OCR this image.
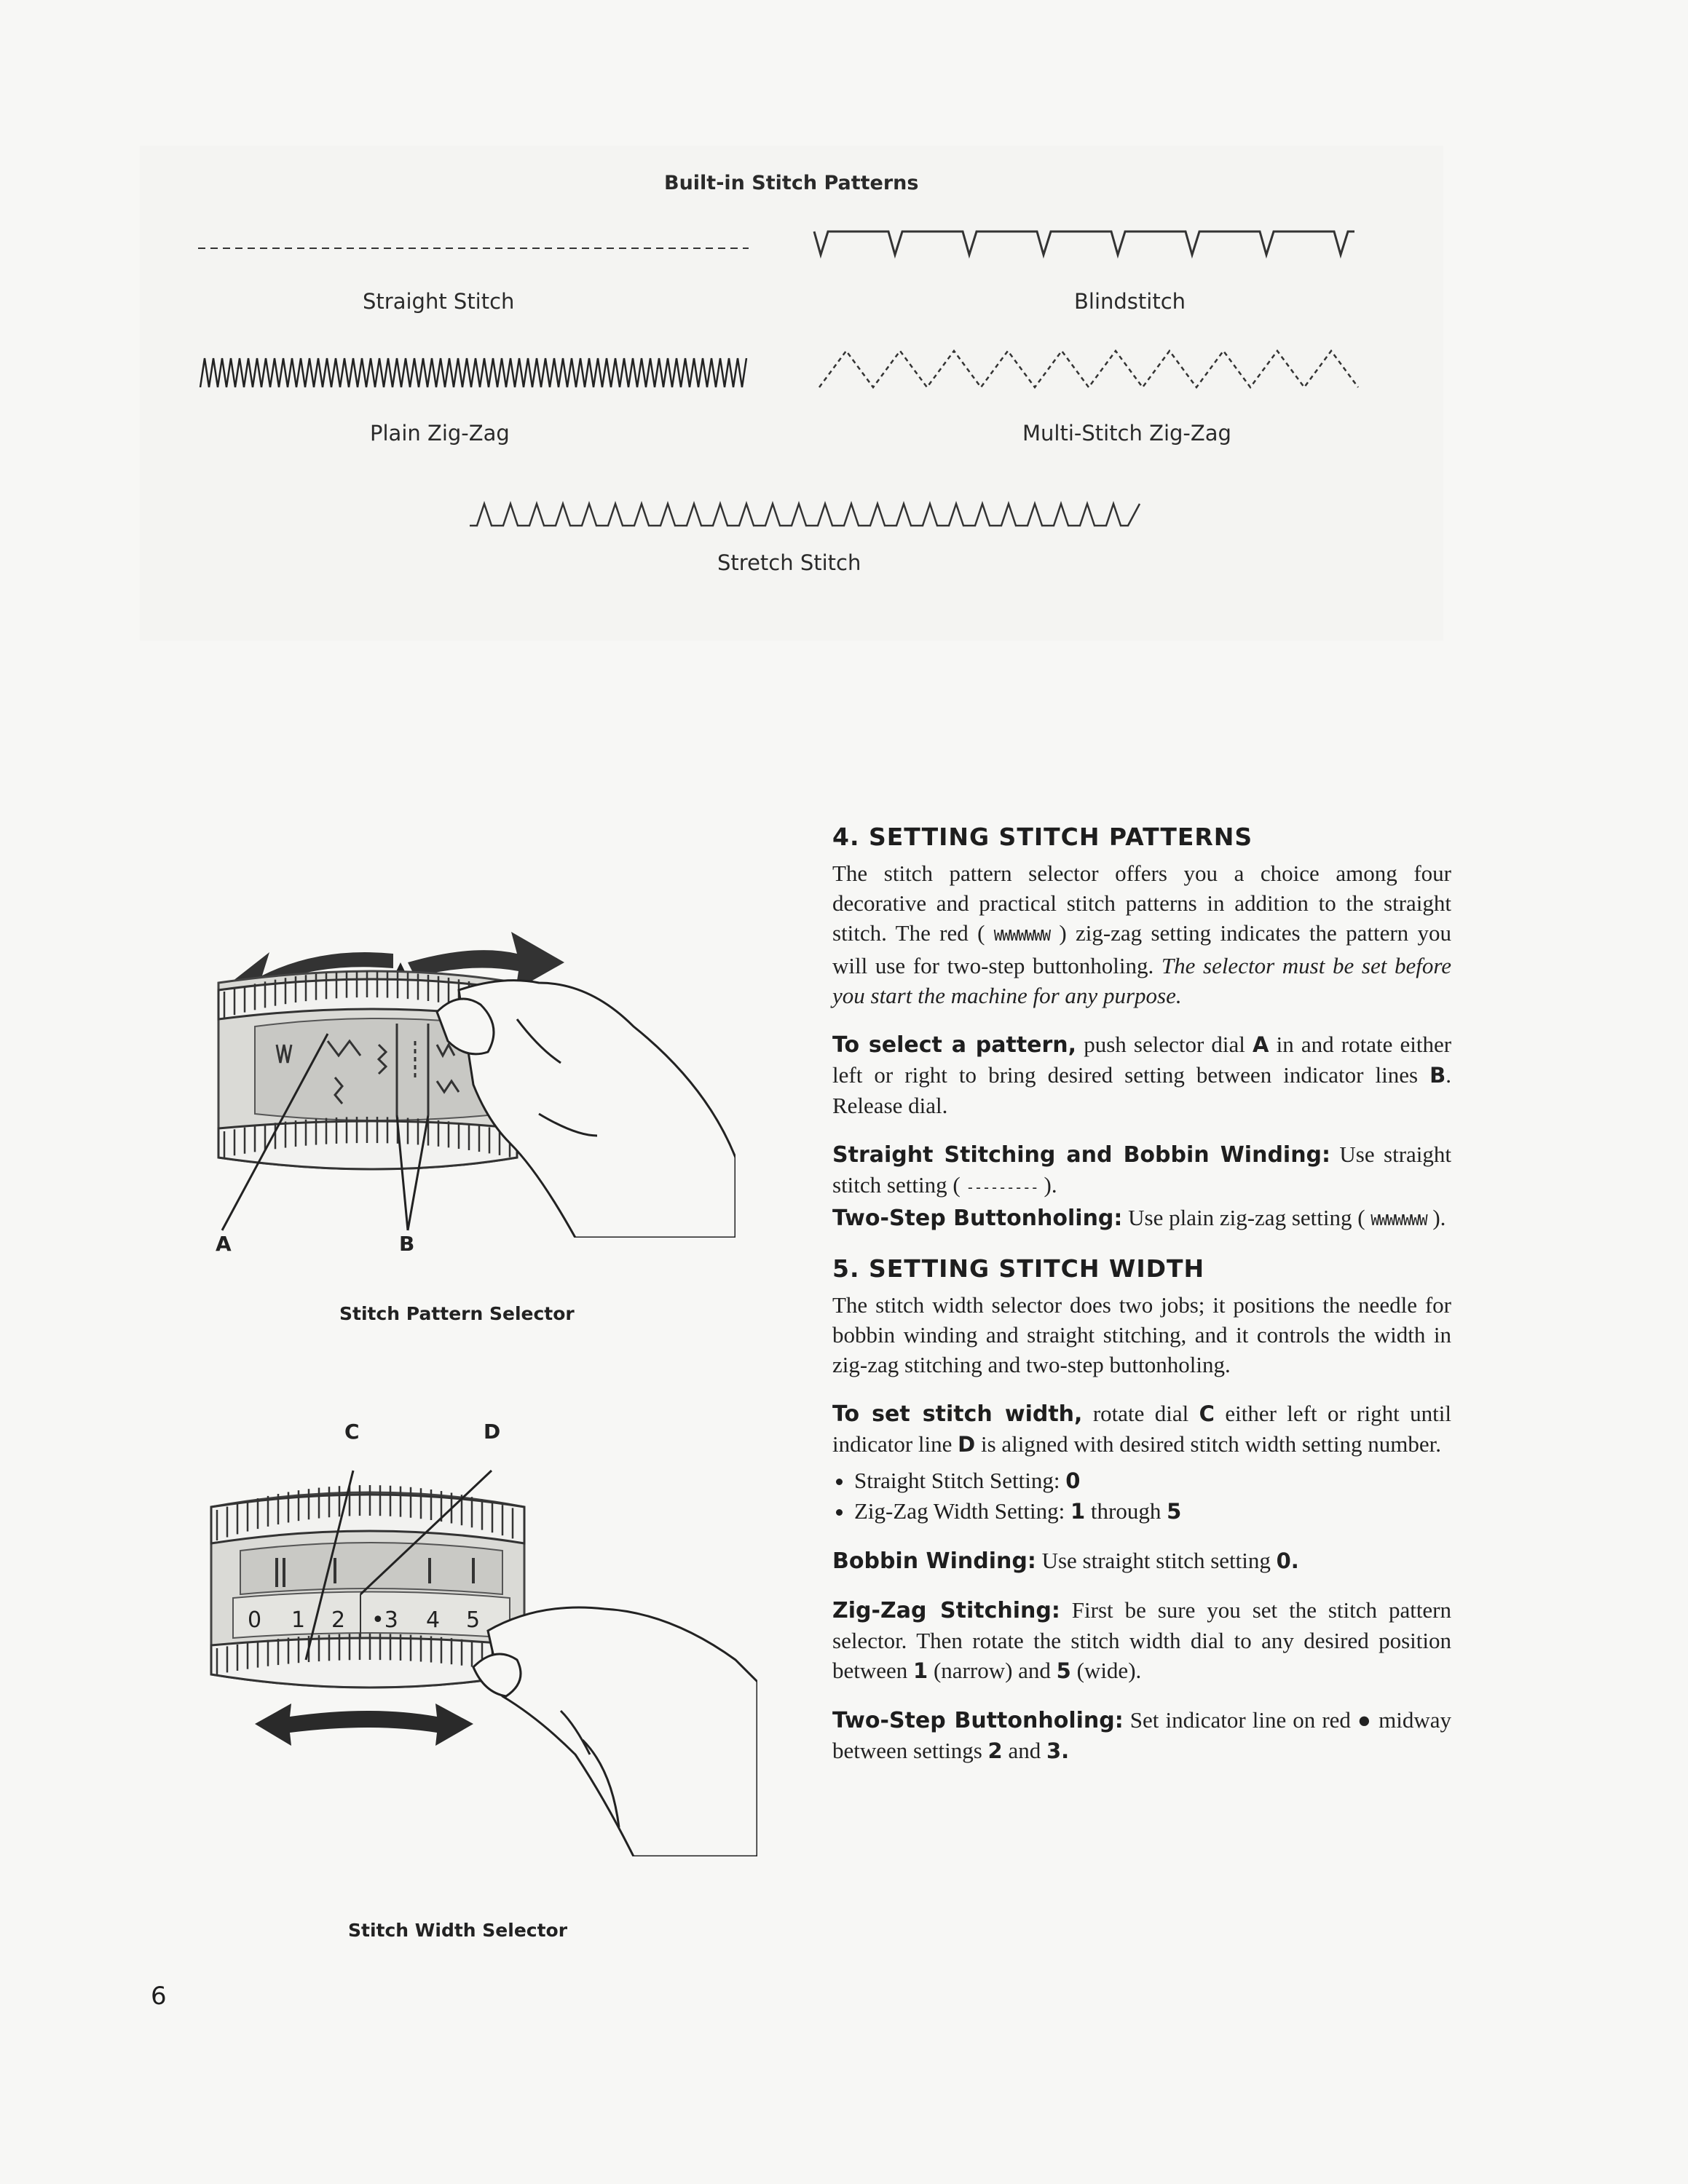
Built-in Stitch Patterns
Straight Stitch	Blindstitch
Plain Zig-Zag	Multi-Stitch Zig-Zag
Stretch Stitch
A	B
Stitch Pattern Selector
C	D
0 1 2 •3 4 5
Stitch Width Selector
4. SETTING STITCH PATTERNS

The stitch pattern selector offers you a choice among four decorative and practical stitch patterns in addition to the straight stitch. The red ( WWWWWWW ) zig-zag setting indicates the pattern you will use for two-step buttonholing. The selector must be set before you start the machine for any purpose.

To select a pattern, push selector dial A in and rotate either left or right to bring desired setting between indicator lines B. Release dial.

Straight Stitching and Bobbin Winding: Use straight stitch setting ( --------- ).

Two-Step Buttonholing: Use plain zig-zag setting ( WWWWWWW ).

5. SETTING STITCH WIDTH

The stitch width selector does two jobs; it positions the needle for bobbin winding and straight stitching, and it controls the width in zig-zag stitching and two-step buttonholing.

To set stitch width, rotate dial C either left or right until indicator line D is aligned with desired stitch width setting number.

• Straight Stitch Setting: 0
• Zig-Zag Width Setting: 1 through 5

Bobbin Winding: Use straight stitch setting 0.

Zig-Zag Stitching: First be sure you set the stitch pattern selector. Then rotate the stitch width dial to any desired position between 1 (narrow) and 5 (wide).

Two-Step Buttonholing: Set indicator line on red ● midway between settings 2 and 3.

6
